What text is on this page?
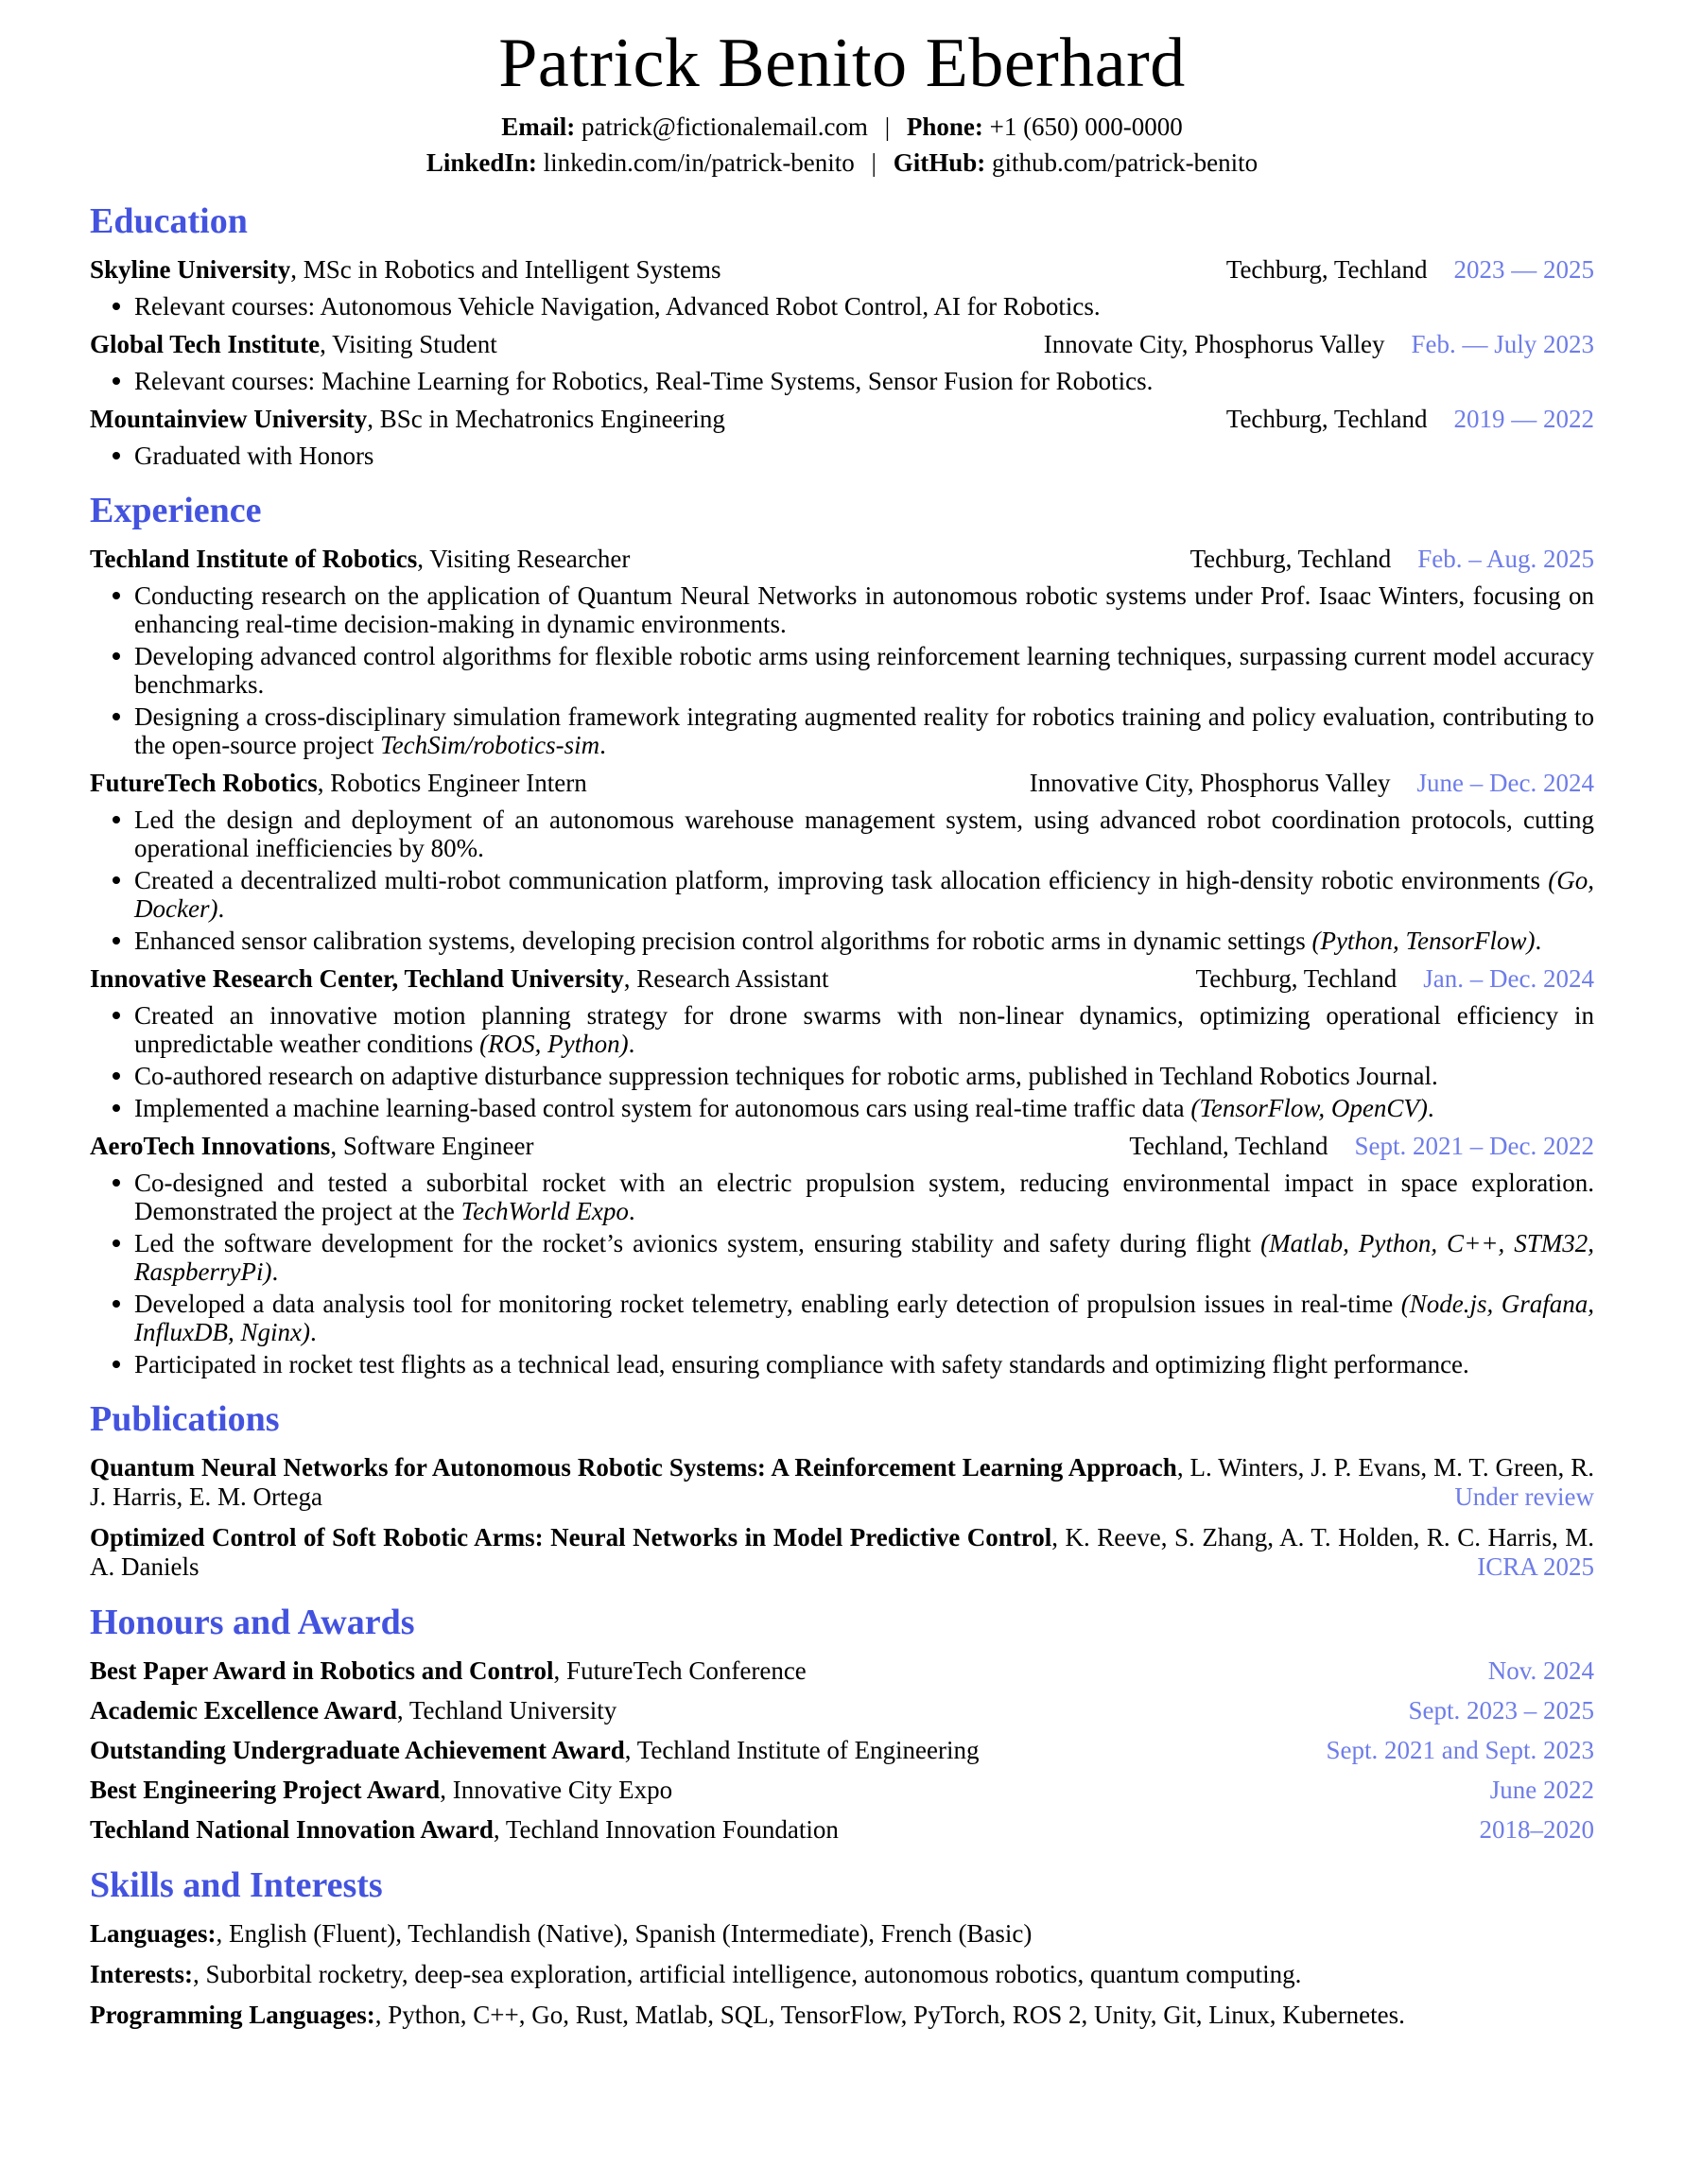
Patrick Benito Eberhard
Email: patrick@fictionalemail.com | Phone: +1 (650) 000-0000
LinkedIn: linkedin.com/in/patrick-benito | GitHub: github.com/patrick-benito
Education
Skyline University, MSc in Robotics and Intelligent Systems	Techburg, Techland 2023 — 2025
Relevant courses: Autonomous Vehicle Navigation, Advanced Robot Control, AI for Robotics.
Global Tech Institute, Visiting Student	Innovate City, Phosphorus Valley Feb. — July 2023
Relevant courses: Machine Learning for Robotics, Real-Time Systems, Sensor Fusion for Robotics.
Mountainview University, BSc in Mechatronics Engineering	Techburg, Techland 2019 — 2022
Graduated with Honors
Experience
Techland Institute of Robotics, Visiting Researcher	Techburg, Techland Feb. – Aug. 2025
Conducting research on the application of Quantum Neural Networks in autonomous robotic systems under Prof. Isaac Winters, focusing on enhancing real-time decision-making in dynamic environments.
Developing advanced control algorithms for flexible robotic arms using reinforcement learning techniques, surpassing current model accuracy benchmarks.
Designing a cross-disciplinary simulation framework integrating augmented reality for robotics training and policy evaluation, contributing to the open-source project TechSim/robotics-sim.
FutureTech Robotics, Robotics Engineer Intern	Innovative City, Phosphorus Valley June – Dec. 2024
Led the design and deployment of an autonomous warehouse management system, using advanced robot coordination protocols, cutting operational inefficiencies by 80%.
Created a decentralized multi-robot communication platform, improving task allocation efficiency in high-density robotic environments (Go, Docker).
Enhanced sensor calibration systems, developing precision control algorithms for robotic arms in dynamic settings (Python, TensorFlow).
Innovative Research Center, Techland University, Research Assistant	Techburg, Techland Jan. – Dec. 2024
Created an innovative motion planning strategy for drone swarms with non-linear dynamics, optimizing operational efficiency in unpredictable weather conditions (ROS, Python).
Co-authored research on adaptive disturbance suppression techniques for robotic arms, published in Techland Robotics Journal.
Implemented a machine learning-based control system for autonomous cars using real-time traffic data (TensorFlow, OpenCV).
AeroTech Innovations, Software Engineer	Techland, Techland Sept. 2021 – Dec. 2022
Co-designed and tested a suborbital rocket with an electric propulsion system, reducing environmental impact in space exploration. Demonstrated the project at the TechWorld Expo.
Led the software development for the rocket’s avionics system, ensuring stability and safety during flight (Matlab, Python, C++, STM32, RaspberryPi).
Developed a data analysis tool for monitoring rocket telemetry, enabling early detection of propulsion issues in real-time (Node.js, Grafana, InfluxDB, Nginx).
Participated in rocket test flights as a technical lead, ensuring compliance with safety standards and optimizing flight performance.
Publications

Quantum Neural Networks for Autonomous Robotic Systems: A Reinforcement Learning Approach, L. Winters, J. P. Evans, M. T. Green, R. J. Harris, E. M. Ortega	Under review

Optimized Control of Soft Robotic Arms: Neural Networks in Model Predictive Control, K. Reeve, S. Zhang, A. T. Holden, R. C. Harris, M. A. Daniels	ICRA 2025

Honours and Awards
Best Paper Award in Robotics and Control, FutureTech Conference	Nov. 2024
Academic Excellence Award, Techland University	Sept. 2023 – 2025
Outstanding Undergraduate Achievement Award, Techland Institute of Engineering	Sept. 2021 and Sept. 2023
Best Engineering Project Award, Innovative City Expo	June 2022
Techland National Innovation Award, Techland Innovation Foundation	2018–2020
Skills and Interests

Languages:, English (Fluent), Techlandish (Native), Spanish (Intermediate), French (Basic)

Interests:, Suborbital rocketry, deep-sea exploration, artificial intelligence, autonomous robotics, quantum computing.

Programming Languages:, Python, C++, Go, Rust, Matlab, SQL, TensorFlow, PyTorch, ROS 2, Unity, Git, Linux, Kubernetes.
